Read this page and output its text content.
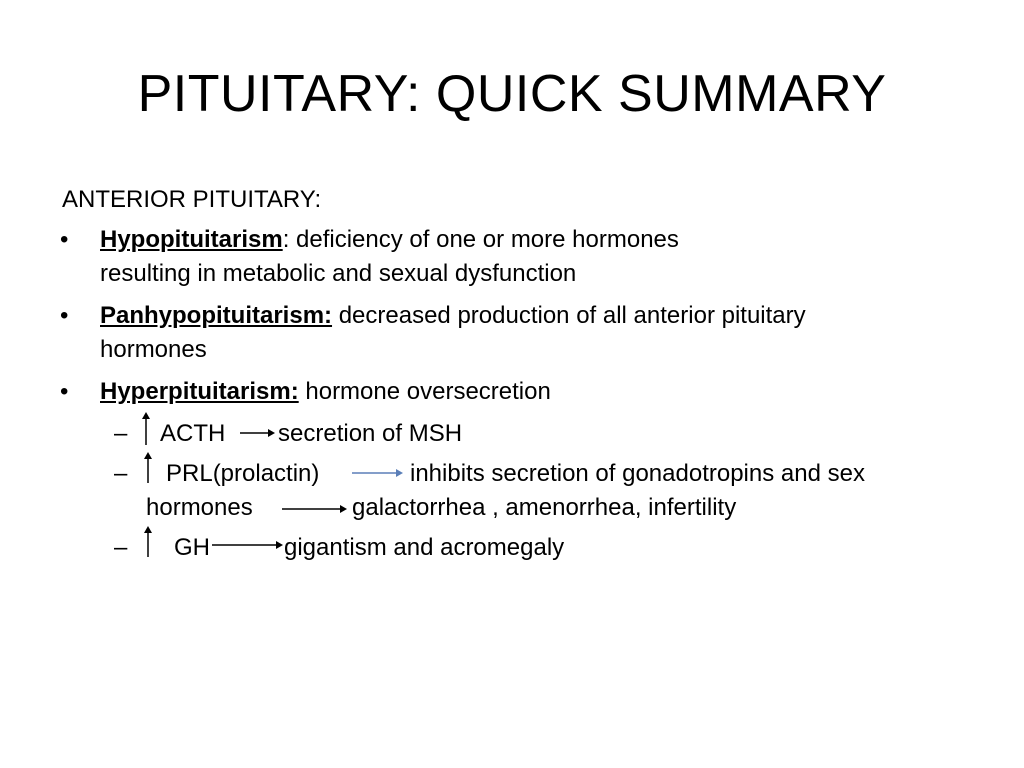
PITUITARY: QUICK SUMMARY
ANTERIOR PITUITARY:
• Hypopituitarism: deficiency of one or more hormones
resulting in metabolic and sexual dysfunction
• Panhypopituitarism: decreased production of all anterior pituitary
hormones
• Hyperpituitarism: hormone oversecretion
– ACTH secretion of MSH
– PRL(prolactin)	inhibits secretion of gonadotropins and sex
hormones	galactorrhea , amenorrhea, infertility
– GH	gigantism and acromegaly
